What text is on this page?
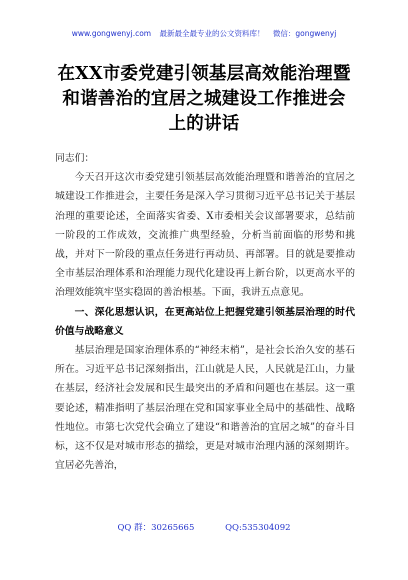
www.gongwenyj.com 最新最全最专业的公文资料库！ 微信：gongwenyj
在XX市委党建引领基层高效能治理暨和谐善治的宜居之城建设工作推进会上的讲话

同志们：

今天召开这次市委党建引领基层高效能治理暨和谐善治的宜居之城建设工作推进会，主要任务是深入学习贯彻习近平总书记关于基层治理的重要论述，全面落实省委、X市委相关会议部署要求，总结前一阶段的工作成效，交流推广典型经验，分析当前面临的形势和挑战，并对下一阶段的重点任务进行再动员、再部署。目的就是要推动全市基层治理体系和治理能力现代化建设再上新台阶，以更高水平的治理效能筑牢坚实稳固的善治根基。下面，我讲五点意见。

一、深化思想认识，在更高站位上把握党建引领基层治理的时代价值与战略意义

基层治理是国家治理体系的“神经末梢”，是社会长治久安的基石所在。习近平总书记深刻指出，江山就是人民，人民就是江山，力量在基层，经济社会发展和民生最突出的矛盾和问题也在基层。这一重要论述，精准指明了基层治理在党和国家事业全局中的基础性、战略性地位。市第七次党代会确立了建设“和谐善治的宜居之城”的奋斗目标，这不仅是对城市形态的描绘，更是对城市治理内涵的深刻期许。宜居必先善治，

QQ 群：30265665	QQ:535304092
